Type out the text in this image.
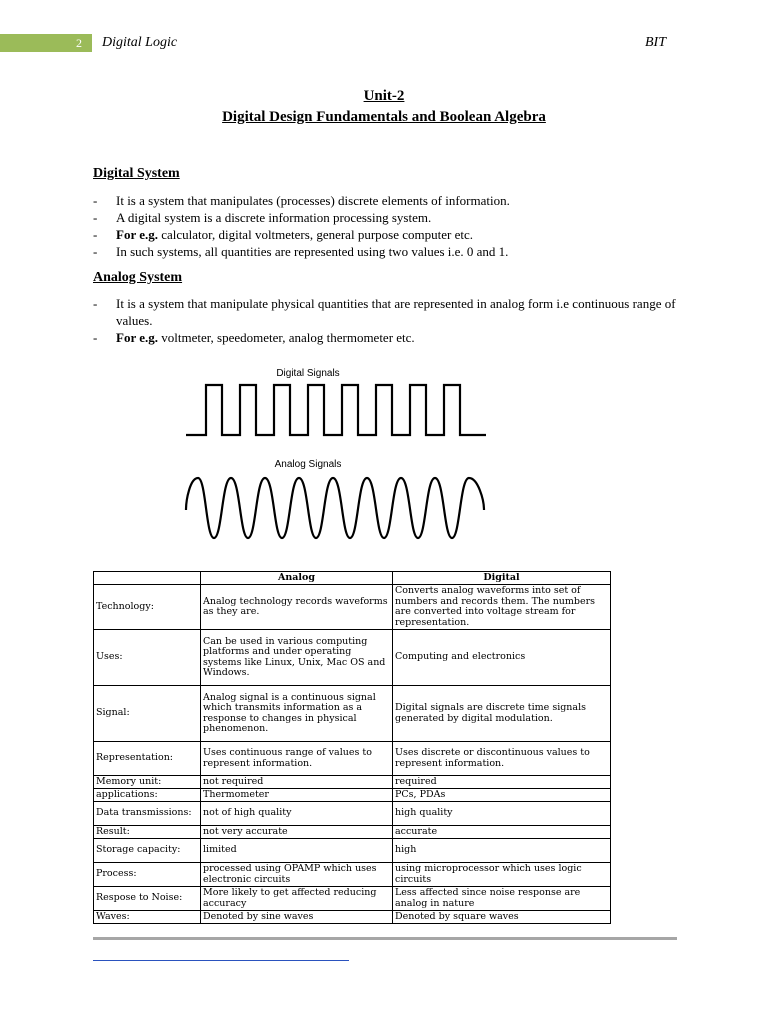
2	Digital Logic	BIT
Unit-2
Digital Design Fundamentals and Boolean Algebra
Digital System
- It is a system that manipulates (processes) discrete elements of information.
- A digital system is a discrete information processing system.
- For e.g. calculator, digital voltmeters, general purpose computer etc.
- In such systems, all quantities are represented using two values i.e. 0 and 1.
Analog System
- It is a system that manipulate physical quantities that are represented in analog form i.e continuous range of values.
- For e.g. voltmeter, speedometer, analog thermometer etc.
Digital Signals
Analog Signals
	Analog	Digital
Technology:	Analog technology records waveforms as they are.	Converts analog waveforms into set of numbers and records them. The numbers are converted into voltage stream for representation.
Uses:	Can be used in various computing platforms and under operating systems like Linux, Unix, Mac OS and Windows.	Computing and electronics
Signal:	Analog signal is a continuous signal which transmits information as a response to changes in physical phenomenon.	Digital signals are discrete time signals generated by digital modulation.
Representation:	Uses continuous range of values to represent information.	Uses discrete or discontinuous values to represent information.
Memory unit:	not required	required
applications:	Thermometer	PCs, PDAs
Data transmissions:	not of high quality	high quality
Result:	not very accurate	accurate
Storage capacity:	limited	high
Process:	processed using OPAMP which uses electronic circuits	using microprocessor which uses logic circuits
Respose to Noise:	More likely to get affected reducing accuracy	Less affected since noise response are analog in nature
Waves:	Denoted by sine waves	Denoted by square waves
